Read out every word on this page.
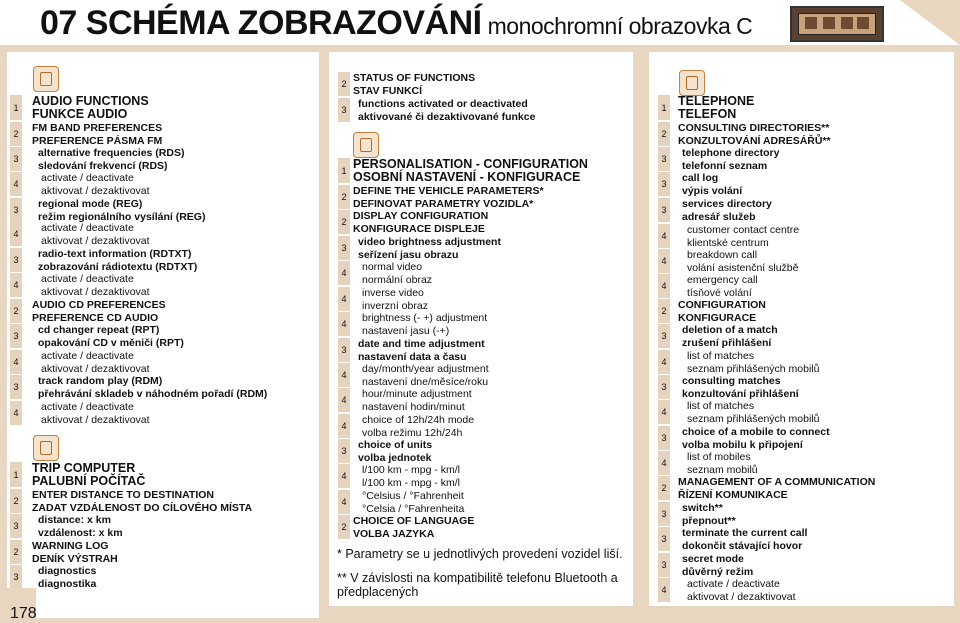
07 SCHÉMA ZOBRAZOVÁNÍ monochromní obrazovka C
1 AUDIO FUNCTIONS
FUNKCE AUDIO
2	FM BAND PREFERENCES
PREFERENCE PÁSMA FM
3	alternative frequencies (RDS)
sledování frekvencí (RDS)
4	activate / deactivate
aktivovat / dezaktivovat
3	regional mode (REG)
režim regionálního vysílání (REG)
4	activate / deactivate
aktivovat / dezaktivovat
3	radio-text information (RDTXT)
zobrazování rádiotextu (RDTXT)
4	activate / deactivate
aktivovat / dezaktivovat
2	AUDIO CD PREFERENCES
PREFERENCE CD AUDIO
3	cd changer repeat (RPT)
opakování CD v měniči (RPT)
4	activate / deactivate
aktivovat / dezaktivovat
3	track random play (RDM)
přehrávání skladeb v náhodném pořadí (RDM)
4	activate / deactivate
aktivovat / dezaktivovat
1 TRIP COMPUTER
PALUBNÍ POČÍTAČ
2	ENTER DISTANCE TO DESTINATION
ZADAT VZDÁLENOST DO CÍLOVÉHO MÍSTA
3	distance: x km
vzdálenost: x km
2	WARNING LOG
DENÍK VÝSTRAH
3	diagnostics
diagnostika
2 STATUS OF FUNCTIONS
STAV FUNKCÍ
3	functions activated or deactivated
aktivované či dezaktivované funkce
1 PERSONALISATION - CONFIGURATION
OSOBNÍ NASTAVENÍ - KONFIGURACE
2 DEFINE THE VEHICLE PARAMETERS*
DEFINOVAT PARAMETRY VOZIDLA*
2 DISPLAY CONFIGURATION
KONFIGURACE DISPLEJE
3	video brightness adjustment
seřízení jasu obrazu
4	normal video
normální obraz
4	inverse video
inverzní obraz
4	brightness (- +) adjustment
nastavení jasu (-+)
3	date and time adjustment
nastavení data a času
4	day/month/year adjustment
nastavení dne/měsíce/roku
4	hour/minute adjustment
nastavení hodin/minut
4	choice of 12h/24h mode
volba režimu 12h/24h
3	choice of units
volba jednotek
4	l/100 km - mpg - km/l
l/100 km - mpg - km/l
4	°Celsius / °Fahrenheit
°Celsia / °Fahrenheita
2 CHOICE OF LANGUAGE
VOLBA JAZYKA
1 TELEPHONE
TELEFON
2	CONSULTING DIRECTORIES**
KONZULTOVÁNÍ ADRESÁŘŮ**
3	telephone directory
telefonní seznam
3	call log
výpis volání
3	services directory
adresář služeb
4	customer contact centre
klientské centrum
4	breakdown call
volání asistenční službě
4	emergency call
tísňové volání
2	CONFIGURATION
KONFIGURACE
3	deletion of a match
zrušení přihlášení
4	list of matches
seznam přihlášených mobilů
3	consulting matches
konzultování přihlášení
4	list of matches
seznam přihlášených mobilů
3	choice of a mobile to connect
volba mobilu k připojení
4	list of mobiles
seznam mobilů
2	MANAGEMENT OF A COMMUNICATION
ŘÍZENÍ KOMUNIKACE
3	switch**
přepnout**
3	terminate the current call
dokončit stávající hovor
3	secret mode
důvěrný režim
4	activate / deactivate
aktivovat / dezaktivovat
* Parametry se u jednotlivých provedení vozidel liší.
** V závislosti na kompatibilitě telefonu Bluetooth a předplacených
178
